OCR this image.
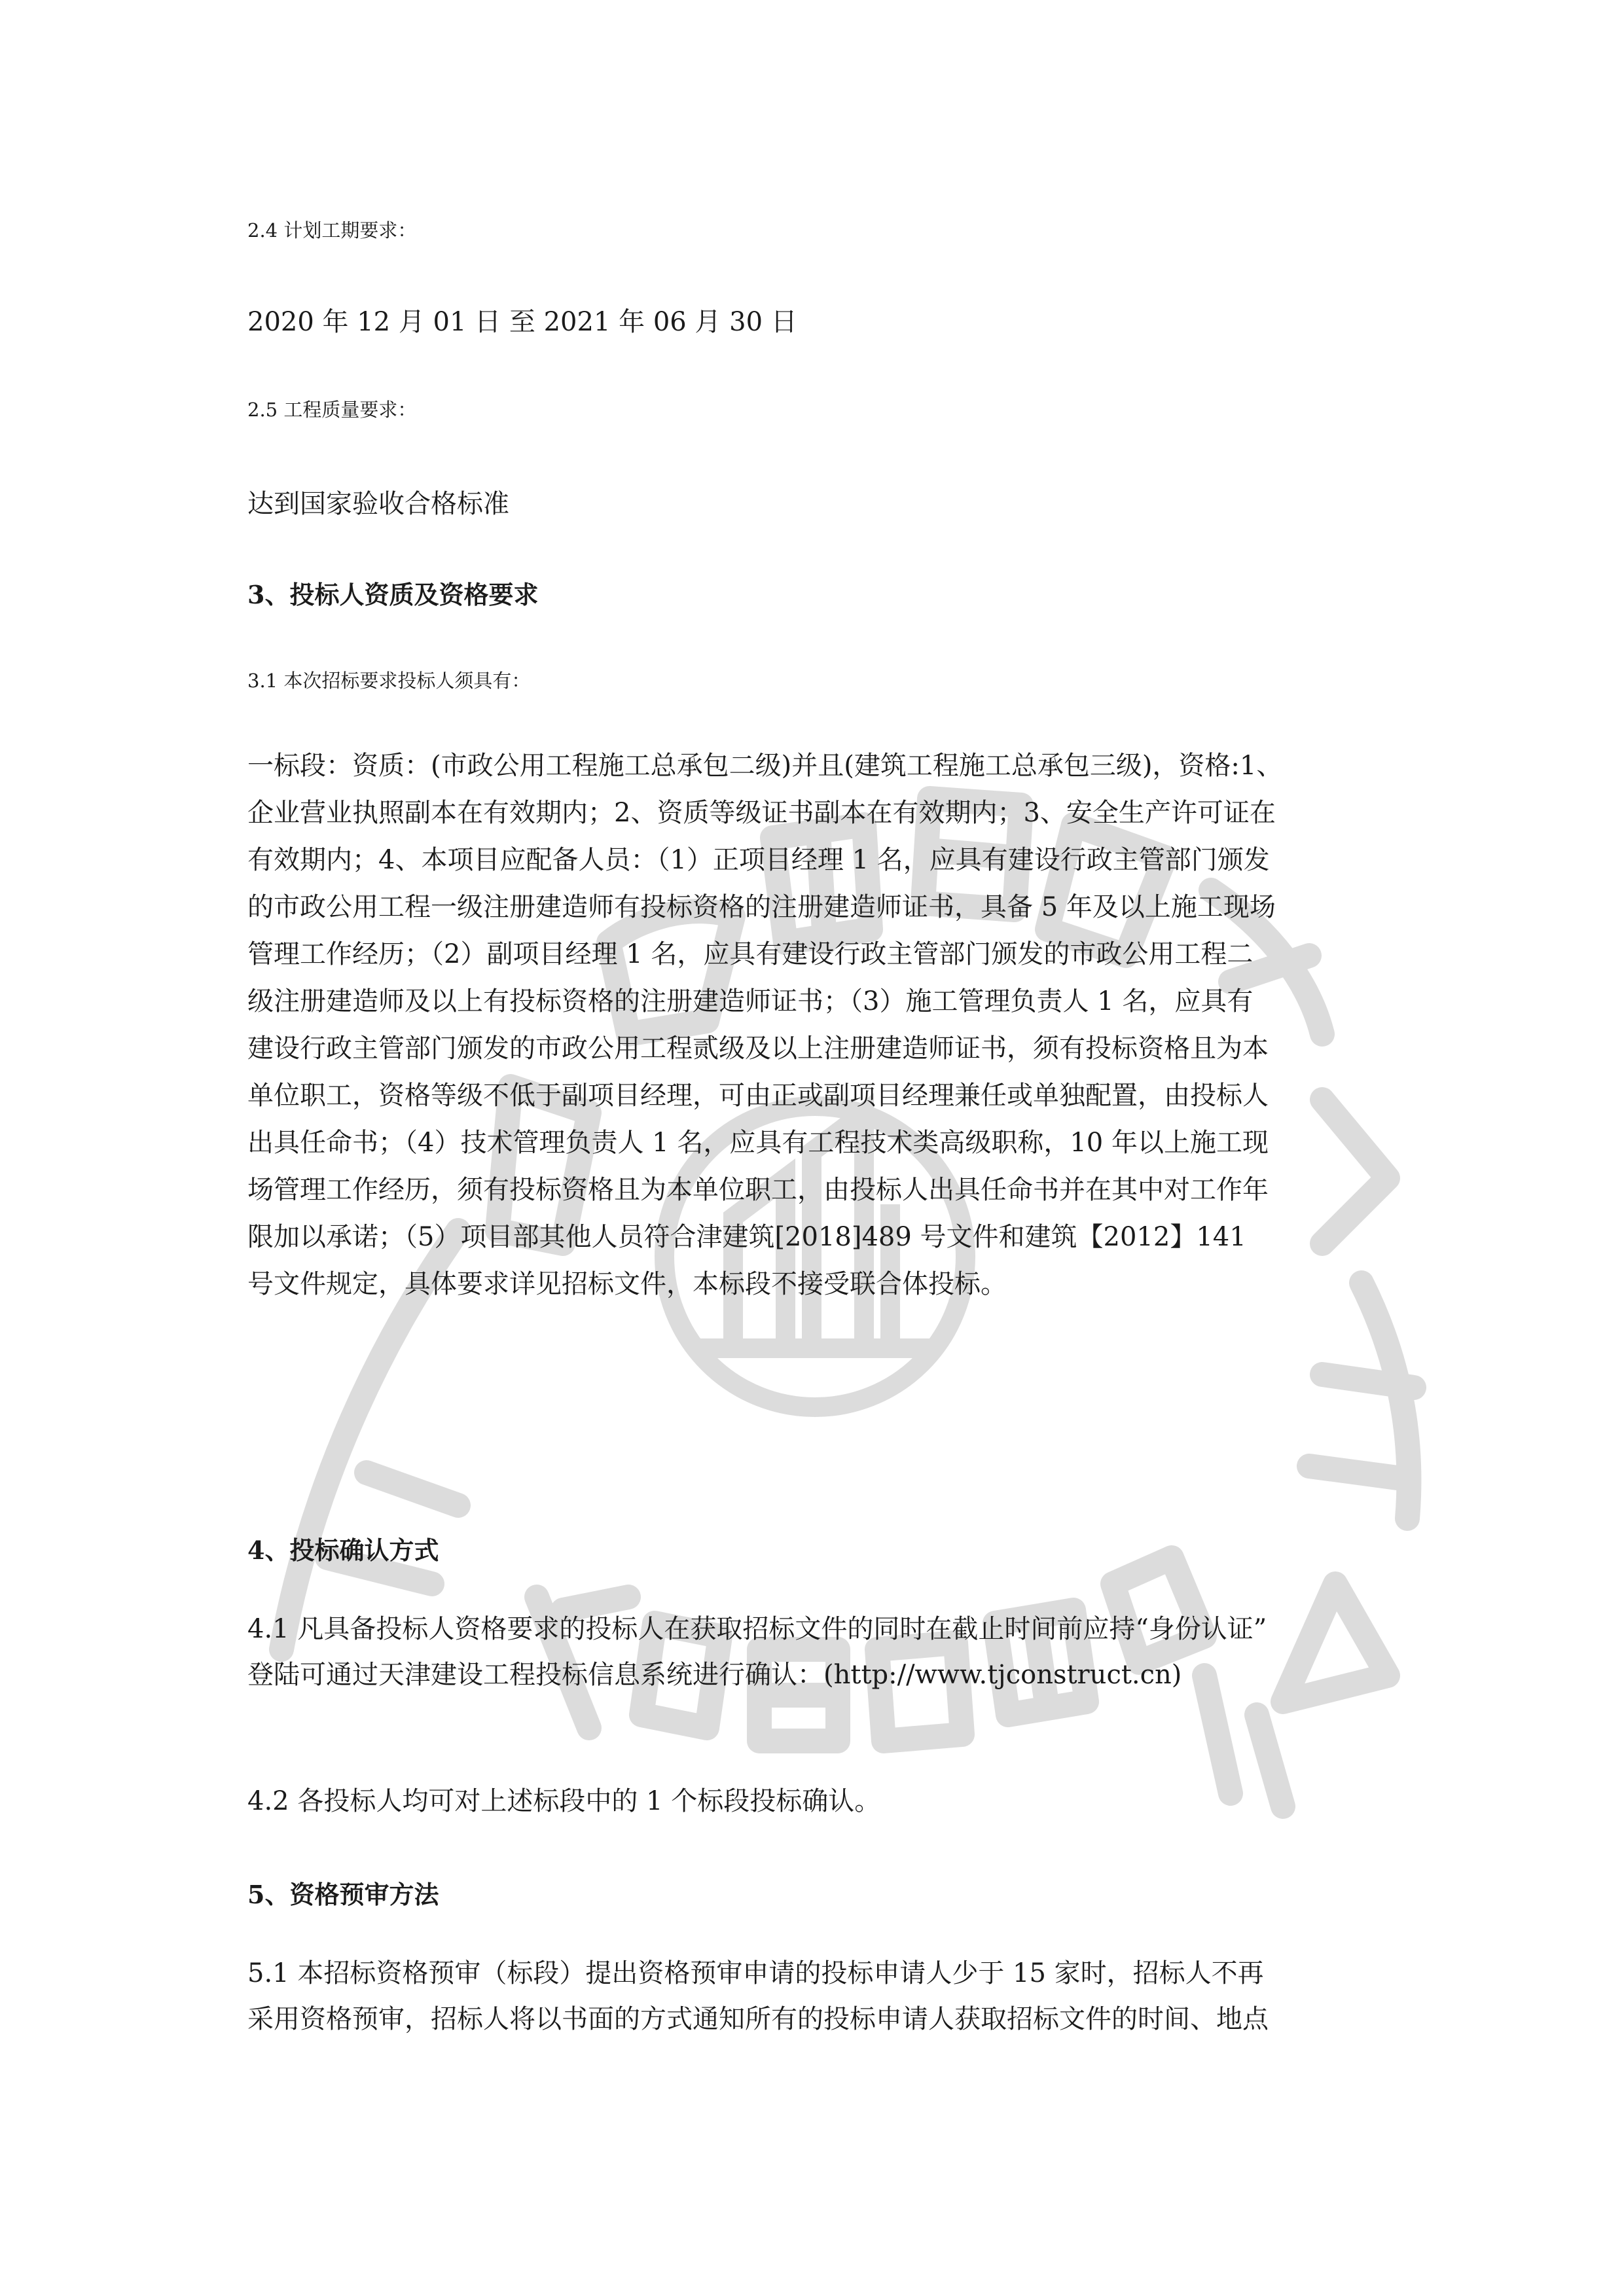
2.4 计划工期要求：
2020 年 12 月 01 日 至 2021 年 06 月 30 日
2.5 工程质量要求：
达到国家验收合格标准
3、投标人资质及资格要求
3.1 本次招标要求投标人须具有：
一标段：资质：(市政公用工程施工总承包二级)并且(建筑工程施工总承包三级)，资格:1、
企业营业执照副本在有效期内；2、资质等级证书副本在有效期内；3、安全生产许可证在
有效期内；4、本项目应配备人员：（1）正项目经理 1 名，应具有建设行政主管部门颁发
的市政公用工程一级注册建造师有投标资格的注册建造师证书，具备 5 年及以上施工现场
管理工作经历；（2）副项目经理 1 名，应具有建设行政主管部门颁发的市政公用工程二
级注册建造师及以上有投标资格的注册建造师证书；（3）施工管理负责人 1 名，应具有
建设行政主管部门颁发的市政公用工程贰级及以上注册建造师证书，须有投标资格且为本
单位职工，资格等级不低于副项目经理，可由正或副项目经理兼任或单独配置，由投标人
出具任命书；（4）技术管理负责人 1 名，应具有工程技术类高级职称，10 年以上施工现
场管理工作经历，须有投标资格且为本单位职工，由投标人出具任命书并在其中对工作年
限加以承诺；（5）项目部其他人员符合津建筑[2018]489 号文件和建筑【2012】141
号文件规定，具体要求详见招标文件，本标段不接受联合体投标。
4、投标确认方式
4.1 凡具备投标人资格要求的投标人在获取招标文件的同时在截止时间前应持“身份认证”
登陆可通过天津建设工程投标信息系统进行确认：(http://www.tjconstruct.cn)
4.2 各投标人均可对上述标段中的 1 个标段投标确认。
5、资格预审方法
5.1 本招标资格预审（标段）提出资格预审申请的投标申请人少于 15 家时，招标人不再
采用资格预审，招标人将以书面的方式通知所有的投标申请人获取招标文件的时间、地点
